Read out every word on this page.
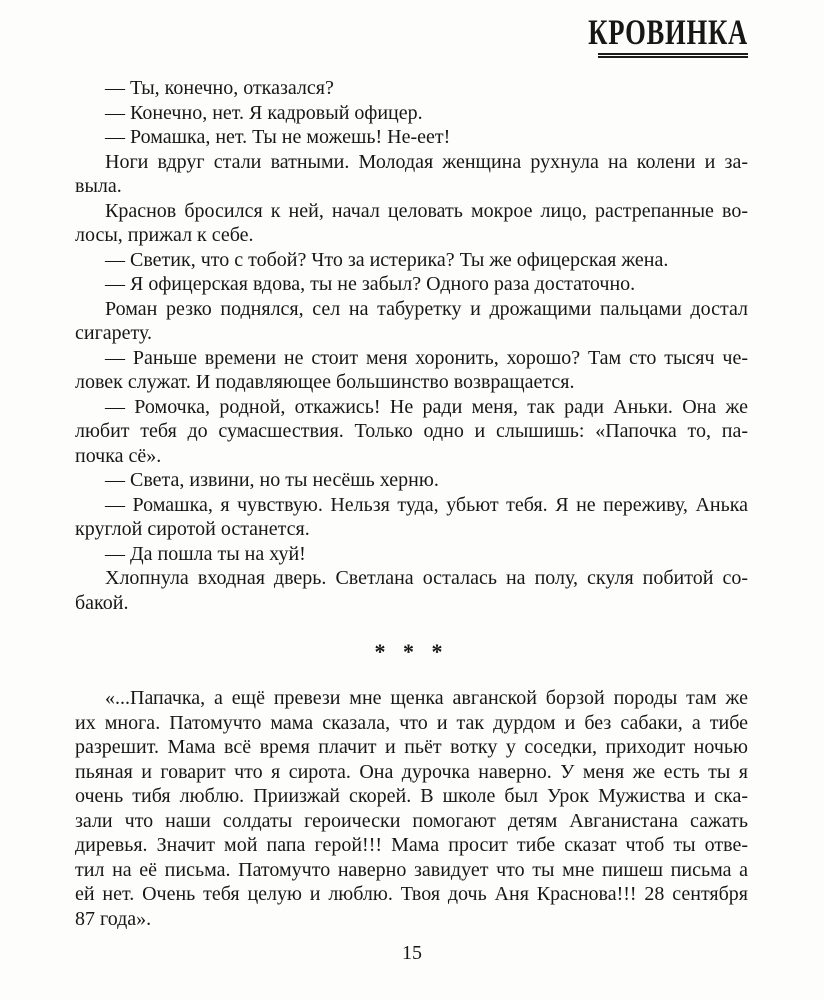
КРОВИНКА
— Ты, конечно, отказался?
— Конечно, нет. Я кадровый офицер.
— Ромашка, нет. Ты не можешь! Не-еет!
Ноги вдруг стали ватными. Молодая женщина рухнула на колени и за-
выла.
Краснов бросился к ней, начал целовать мокрое лицо, растрепанные во-
лосы, прижал к себе.
— Светик, что с тобой? Что за истерика? Ты же офицерская жена.
— Я офицерская вдова, ты не забыл? Одного раза достаточно.
Роман резко поднялся, сел на табуретку и дрожащими пальцами достал
сигарету.
— Раньше времени не стоит меня хоронить, хорошо? Там сто тысяч че-
ловек служат. И подавляющее большинство возвращается.
— Ромочка, родной, откажись! Не ради меня, так ради Аньки. Она же
любит тебя до сумасшествия. Только одно и слышишь: «Папочка то, па-
почка сё».
— Света, извини, но ты несёшь херню.
— Ромашка, я чувствую. Нельзя туда, убьют тебя. Я не переживу, Анька
круглой сиротой останется.
— Да пошла ты на хуй!
Хлопнула входная дверь. Светлана осталась на полу, скуля побитой со-
бакой.
* * *
«...Папачка, а ещё превези мне щенка авганской борзой породы там же
их многа. Патомучто мама сказала, что и так дурдом и без сабаки, а тибе
разрешит. Мама всё время плачит и пьёт вотку у соседки, приходит ночью
пьяная и говарит что я сирота. Она дурочка наверно. У меня же есть ты я
очень тибя люблю. Приизжай скорей. В школе был Урок Мужиства и ска-
зали что наши солдаты героически помогают детям Авганистана сажать
диревья. Значит мой папа герой!!! Мама просит тибе сказат чтоб ты отве-
тил на её письма. Патомучто наверно завидует что ты мне пишеш письма а
ей нет. Очень тебя целую и люблю. Твоя дочь Аня Краснова!!! 28 сентября
87 года».
15
